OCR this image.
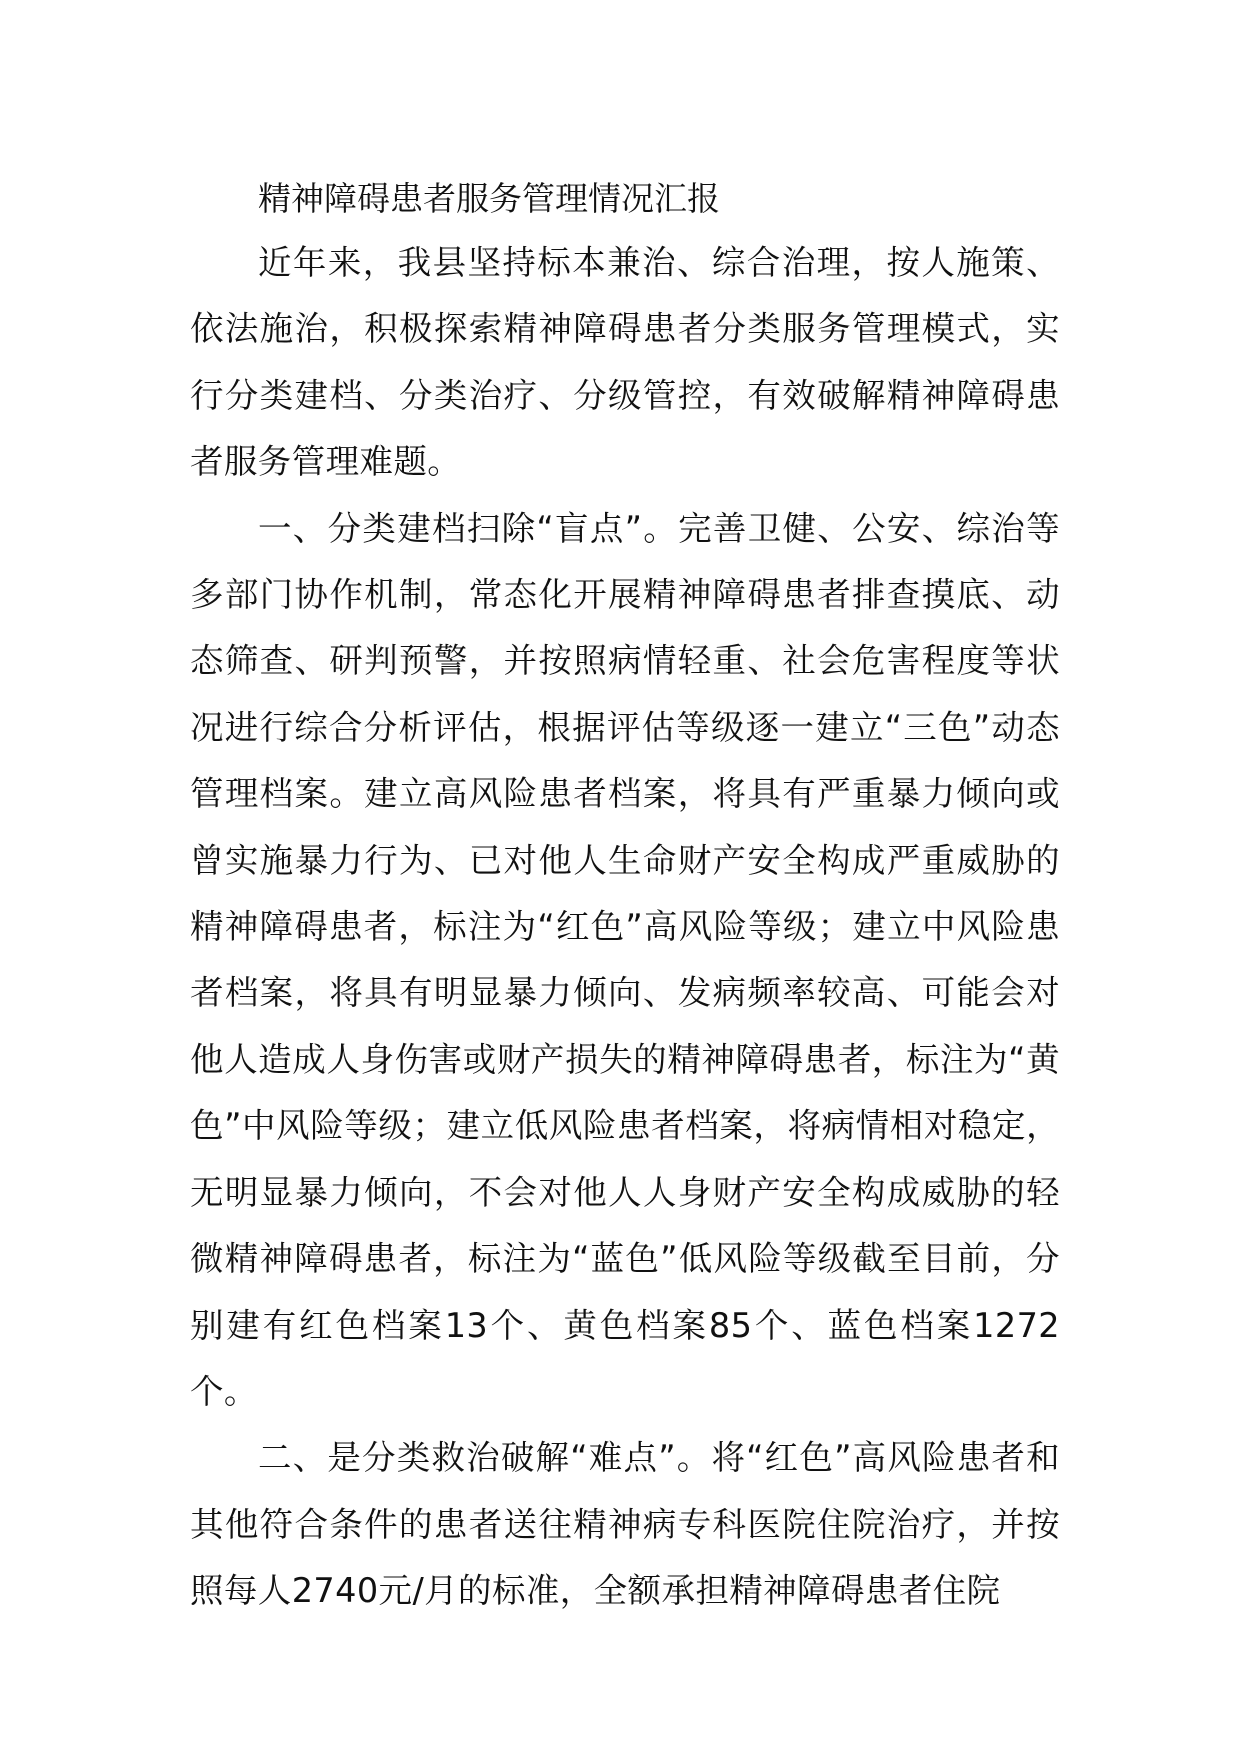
精神障碍患者服务管理情况汇报

近年来，我县坚持标本兼治、综合治理，按人施策、依法施治，积极探索精神障碍患者分类服务管理模式，实行分类建档、分类治疗、分级管控，有效破解精神障碍患者服务管理难题。

一、分类建档扫除“盲点”。完善卫健、公安、综治等多部门协作机制，常态化开展精神障碍患者排查摸底、动态筛查、研判预警，并按照病情轻重、社会危害程度等状况进行综合分析评估，根据评估等级逐一建立“三色”动态管理档案。建立高风险患者档案，将具有严重暴力倾向或曾实施暴力行为、已对他人生命财产安全构成严重威胁的精神障碍患者，标注为“红色”高风险等级；建立中风险患者档案，将具有明显暴力倾向、发病频率较高、可能会对他人造成人身伤害或财产损失的精神障碍患者，标注为“黄色”中风险等级；建立低风险患者档案，将病情相对稳定，无明显暴力倾向，不会对他人人身财产安全构成威胁的轻微精神障碍患者，标注为“蓝色”低风险等级截至目前，分别建有红色档案13个、黄色档案85个、蓝色档案1272个。

二、是分类救治破解“难点”。将“红色”高风险患者和其他符合条件的患者送往精神病专科医院住院治疗，并按照每人2740元/月的标准，全额承担精神障碍患者住院
